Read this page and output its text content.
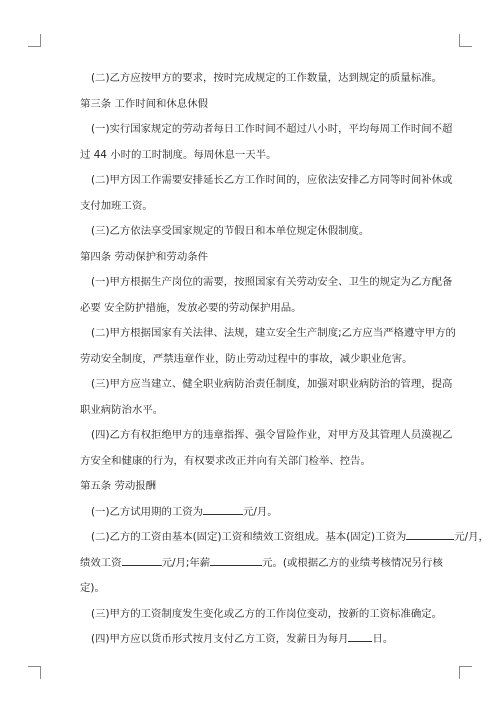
(二)乙方应按甲方的要求，按时完成规定的工作数量，达到规定的质量标准。

第三条 工作时间和休息休假

(一)实行国家规定的劳动者每日工作时间不超过八小时，平均每周工作时间不超

过 44 小时的工时制度。每周休息一天半。

(二)甲方因工作需要安排延长乙方工作时间的，应依法安排乙方同等时间补休或

支付加班工资。

(三)乙方依法享受国家规定的节假日和本单位规定休假制度。

第四条 劳动保护和劳动条件

(一)甲方根据生产岗位的需要，按照国家有关劳动安全、卫生的规定为乙方配备

必要 安全防护措施，发放必要的劳动保护用品。

(二)甲方根据国家有关法律、法规，建立安全生产制度;乙方应当严格遵守甲方的

劳动安全制度，严禁违章作业，防止劳动过程中的事故，减少职业危害。

(三)甲方应当建立、健全职业病防治责任制度，加强对职业病防治的管理，提高

职业病防治水平。

(四)乙方有权拒绝甲方的违章指挥、强令冒险作业，对甲方及其管理人员漠视乙

方安全和健康的行为，有权要求改正并向有关部门检举、控告。

第五条 劳动报酬

(一)乙方试用期的工资为	元/月。

(二)乙方的工资由基本(固定)工资和绩效工资组成。基本(固定)工资为	元/月，

绩效工资	元/月;年薪	元。(或根据乙方的业绩考核情况另行核

定)。

(三)甲方的工资制度发生变化或乙方的工作岗位变动，按新的工资标准确定。

(四)甲方应以货币形式按月支付乙方工资，发薪日为每月 日。
